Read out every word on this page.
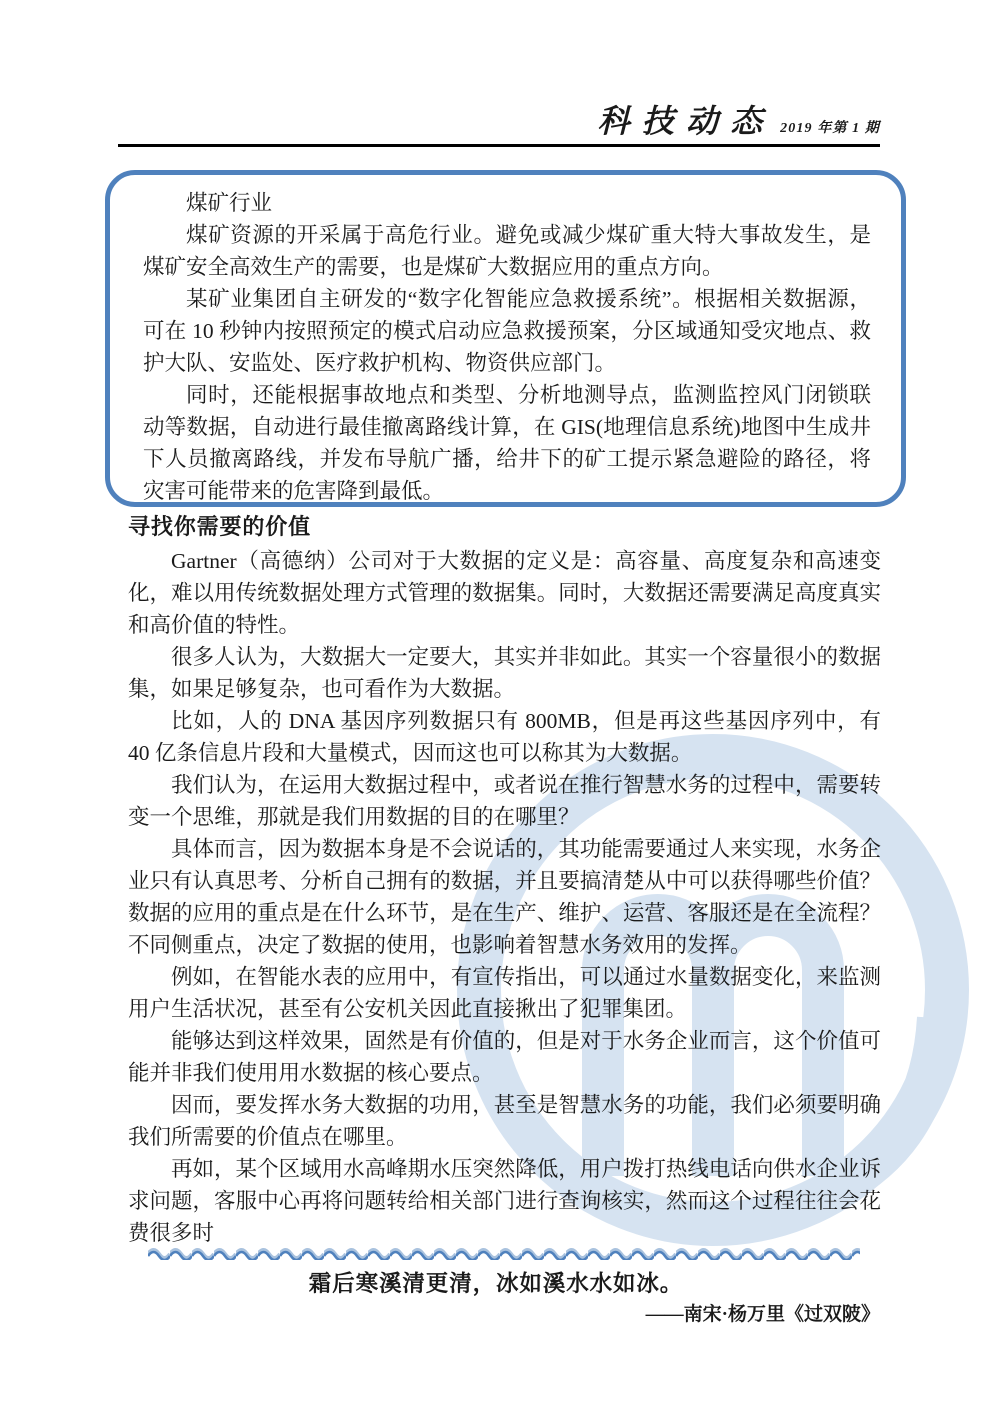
科技动态 2019 年第 1 期
煤矿行业

煤矿资源的开采属于高危行业。避免或减少煤矿重大特大事故发生，是煤矿安全高效生产的需要，也是煤矿大数据应用的重点方向。

某矿业集团自主研发的“数字化智能应急救援系统”。根据相关数据源，可在 10 秒钟内按照预定的模式启动应急救援预案，分区域通知受灾地点、救护大队、安监处、医疗救护机构、物资供应部门。

同时，还能根据事故地点和类型、分析地测导点，监测监控风门闭锁联动等数据，自动进行最佳撤离路线计算，在 GIS(地理信息系统)地图中生成井下人员撤离路线，并发布导航广播，给井下的矿工提示紧急避险的路径，将灾害可能带来的危害降到最低。

寻找你需要的价值

Gartner（高德纳）公司对于大数据的定义是：高容量、高度复杂和高速变化，难以用传统数据处理方式管理的数据集。同时，大数据还需要满足高度真实和高价值的特性。

很多人认为，大数据大一定要大，其实并非如此。其实一个容量很小的数据集，如果足够复杂，也可看作为大数据。

比如，人的 DNA 基因序列数据只有 800MB，但是再这些基因序列中，有 40 亿条信息片段和大量模式，因而这也可以称其为大数据。

我们认为，在运用大数据过程中，或者说在推行智慧水务的过程中，需要转变一个思维，那就是我们用数据的目的在哪里？

具体而言，因为数据本身是不会说话的，其功能需要通过人来实现，水务企业只有认真思考、分析自己拥有的数据，并且要搞清楚从中可以获得哪些价值？数据的应用的重点是在什么环节，是在生产、维护、运营、客服还是在全流程？不同侧重点，决定了数据的使用，也影响着智慧水务效用的发挥。

例如，在智能水表的应用中，有宣传指出，可以通过水量数据变化，来监测用户生活状况，甚至有公安机关因此直接揪出了犯罪集团。

能够达到这样效果，固然是有价值的，但是对于水务企业而言，这个价值可能并非我们使用用水数据的核心要点。

因而，要发挥水务大数据的功用，甚至是智慧水务的功能，我们必须要明确我们所需要的价值点在哪里。

再如，某个区域用水高峰期水压突然降低，用户拨打热线电话向供水企业诉求问题，客服中心再将问题转给相关部门进行查询核实，然而这个过程往往会花费很多时

霜后寒溪清更清，冰如溪水水如冰。
——南宋·杨万里《过双陂》
